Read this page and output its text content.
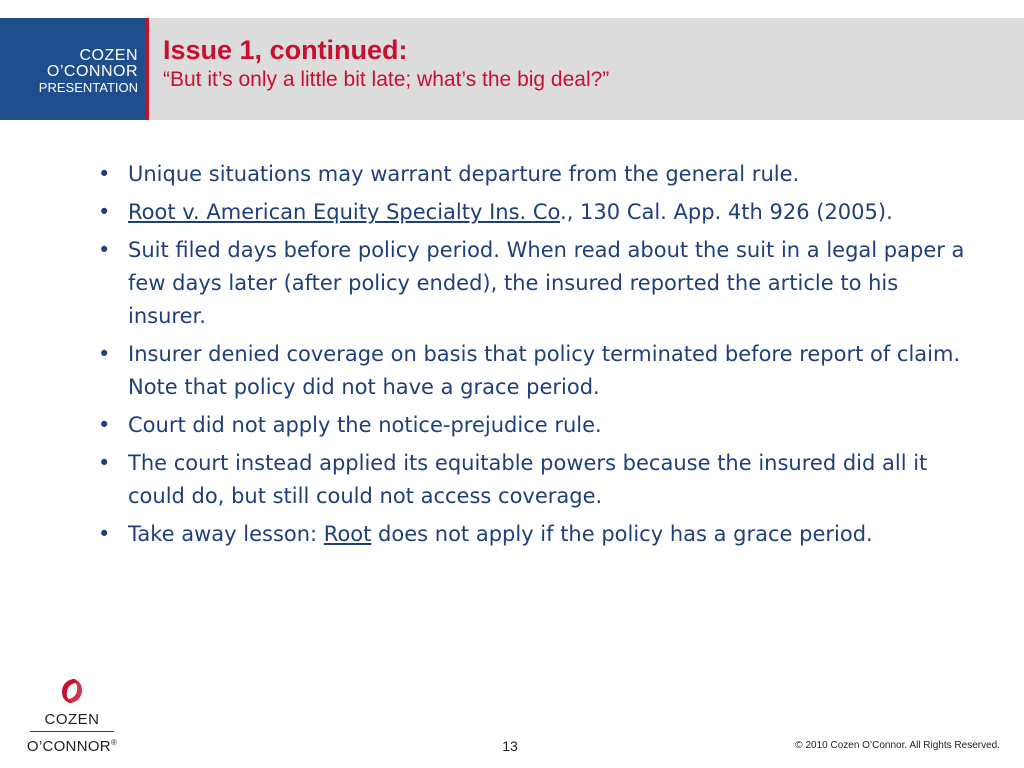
COZEN
O’CONNOR
PRESENTATION
Issue 1, continued:
“But it’s only a little bit late; what’s the big deal?”
• Unique situations may warrant departure from the general rule.
• Root v. American Equity Specialty Ins. Co., 130 Cal. App. 4th 926 (2005).
• Suit filed days before policy period. When read about the suit in a legal paper a few days later (after policy ended), the insured reported the article to his insurer.
• Insurer denied coverage on basis that policy terminated before report of claim. Note that policy did not have a grace period.
• Court did not apply the notice-prejudice rule.
• The court instead applied its equitable powers because the insured did all it could do, but still could not access coverage.
• Take away lesson: Root does not apply if the policy has a grace period.
COZEN
O’CONNOR®	13	© 2010 Cozen O’Connor. All Rights Reserved.
